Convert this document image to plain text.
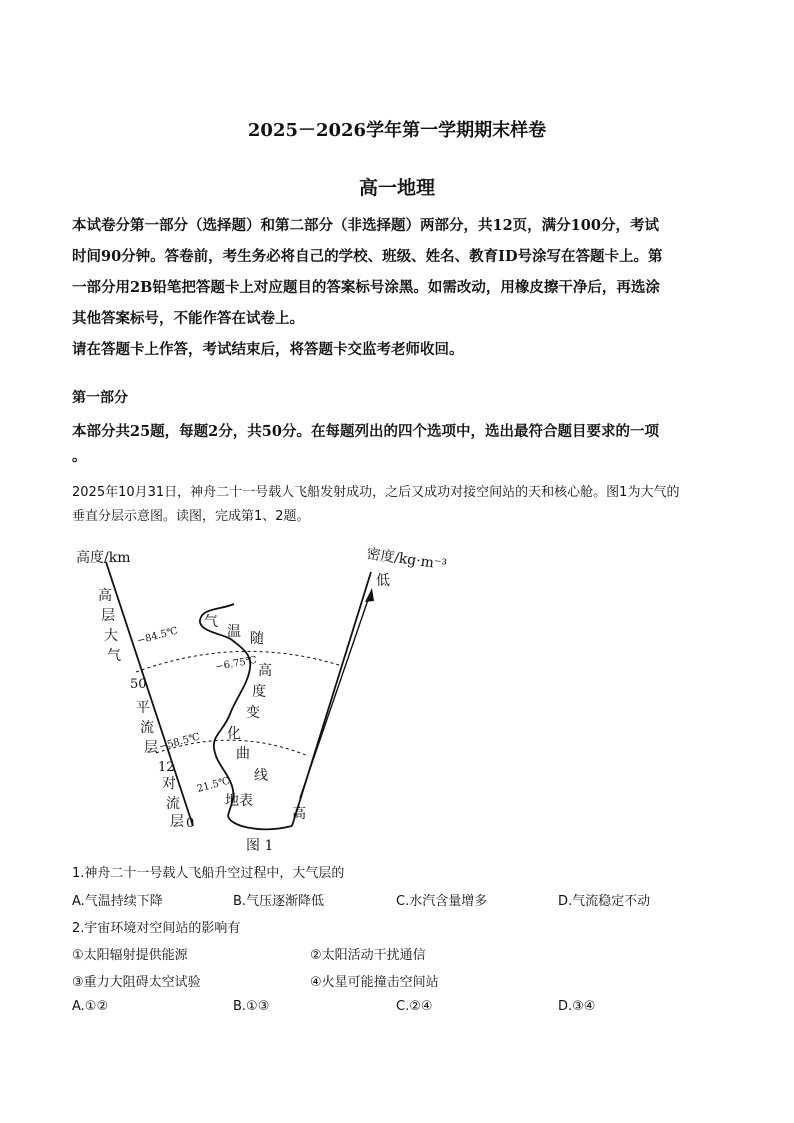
2025－2026学年第一学期期末样卷
高一地理
本试卷分第一部分（选择题）和第二部分（非选择题）两部分，共12页，满分100分，考试
时间90分钟。答卷前，考生务必将自己的学校、班级、姓名、教育ID号涂写在答题卡上。第
一部分用2B铅笔把答题卡上对应题目的答案标号涂黑。如需改动，用橡皮擦干净后，再选涂
其他答案标号，不能作答在试卷上。
请在答题卡上作答，考试结束后，将答题卡交监考老师收回。
第一部分
本部分共25题，每题2分，共50分。在每题列出的四个选项中，选出最符合题目要求的一项
。
2025年10月31日，神舟二十一号载人飞船发射成功，之后又成功对接空间站的天和核心舱。图1为大气的
垂直分层示意图。读图，完成第1、2题。
高度/km	密度/kg·m⁻³
低
高
高
层
大
气
平
流
层
对
流
层
50
12
0
−84.5℃
−6.75℃
−58.5℃
21.5℃
气
温 随
高
度
变
化
曲
线
地表
图 1
1.神舟二十一号载人飞船升空过程中，大气层的
A.气温持续下降	B.气压逐渐降低	C.水汽含量增多	D.气流稳定不动
2.宇宙环境对空间站的影响有
①太阳辐射提供能源	②太阳活动干扰通信
③重力大阻碍太空试验	④火星可能撞击空间站
A.①②	B.①③	C.②④	D.③④
